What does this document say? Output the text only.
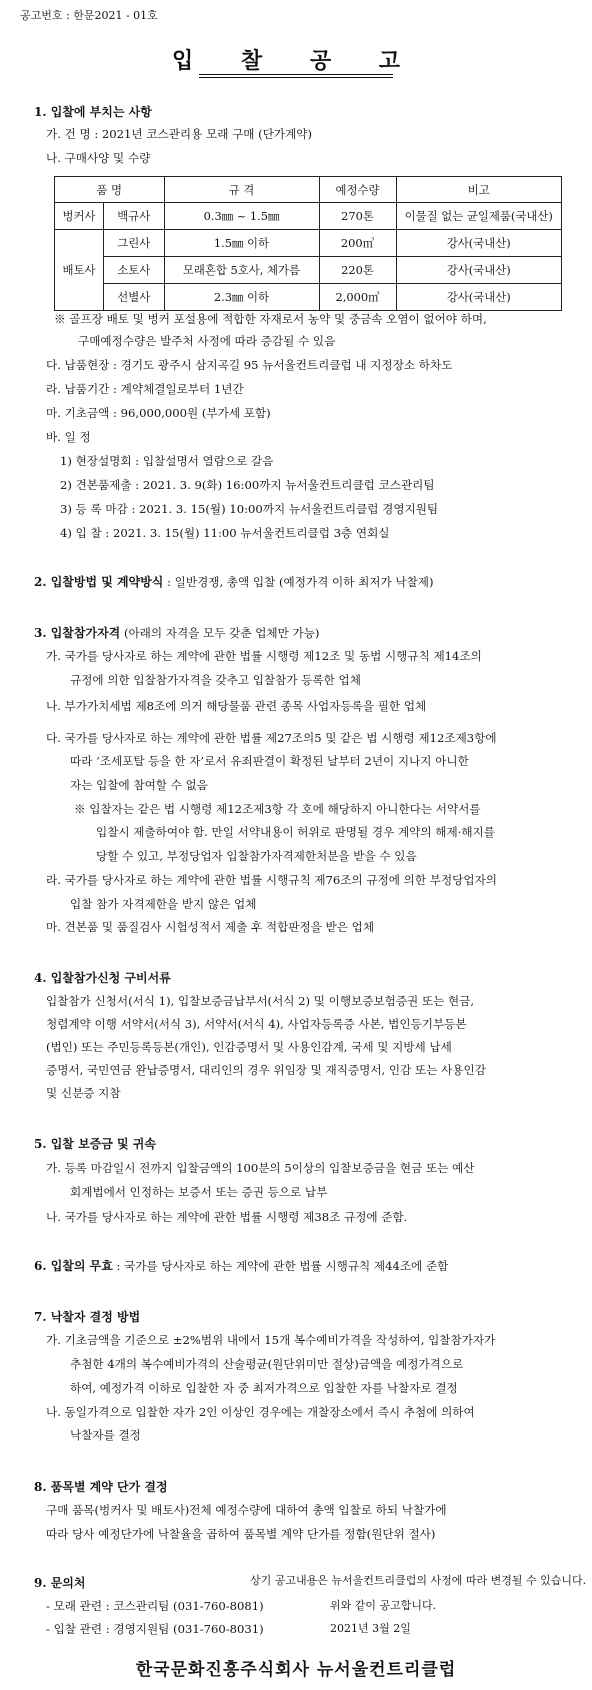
공고번호 : 한문2021 - 01호
입 찰 공 고
1. 입찰에 부치는 사항
가. 건 명 : 2021년 코스관리용 모래 구매 (단가계약)
나. 구매사양 및 수량
품 명		규 격	예정수량	비고
벙커사	백규사	0.3㎜ ~ 1.5㎜	270톤	이물질 없는 균일제품(국내산)
배토사	그린사	1.5㎜ 이하	200㎥	강사(국내산)
	소토사	모래혼합 5호사, 체가름	220톤	강사(국내산)
	선별사	2.3㎜ 이하	2,000㎥	강사(국내산)
※ 골프장 배토 및 벙커 포설용에 적합한 자재로서 농약 및 중금속 오염이 없어야 하며,
구매예정수량은 발주처 사정에 따라 증감될 수 있음
다. 납품현장 : 경기도 광주시 삼지곡길 95 뉴서울컨트리클럽 내 지정장소 하차도
라. 납품기간 : 계약체결일로부터 1년간
마. 기초금액 : 96,000,000원 (부가세 포함)
바. 일 정
1) 현장설명회 : 입찰설명서 열람으로 갈음
2) 견본품제출 : 2021. 3. 9(화) 16:00까지 뉴서울컨트리클럽 코스관리팀
3) 등 록 마감 : 2021. 3. 15(월) 10:00까지 뉴서울컨트리클럽 경영지원팀
4) 입 찰 : 2021. 3. 15(월) 11:00 뉴서울컨트리클럽 3층 연회실
2. 입찰방법 및 계약방식 : 일반경쟁, 총액 입찰 (예정가격 이하 최저가 낙찰제)
3. 입찰참가자격 (아래의 자격을 모두 갖춘 업체만 가능)
가. 국가를 당사자로 하는 계약에 관한 법률 시행령 제12조 및 동법 시행규칙 제14조의
규정에 의한 입찰참가자격을 갖추고 입찰참가 등록한 업체
나. 부가가치세법 제8조에 의거 해당물품 관련 종목 사업자등록을 필한 업체
다. 국가를 당사자로 하는 계약에 관한 법률 제27조의5 및 같은 법 시행령 제12조제3항에
따라 ‘조세포탈 등을 한 자’로서 유죄판결이 확정된 날부터 2년이 지나지 아니한
자는 입찰에 참여할 수 없음
※ 입찰자는 같은 법 시행령 제12조제3항 각 호에 해당하지 아니한다는 서약서를
입찰시 제출하여야 함. 만일 서약내용이 허위로 판명될 경우 계약의 해제·해지를
당할 수 있고, 부정당업자 입찰참가자격제한처분을 받을 수 있음
라. 국가를 당사자로 하는 계약에 관한 법률 시행규칙 제76조의 규정에 의한 부정당업자의
입찰 참가 자격제한을 받지 않은 업체
마. 견본품 및 품질검사 시험성적서 제출 후 적합판정을 받은 업체
4. 입찰참가신청 구비서류
입찰참가 신청서(서식 1), 입찰보증금납부서(서식 2) 및 이행보증보험증권 또는 현금,
청렴계약 이행 서약서(서식 3), 서약서(서식 4), 사업자등록증 사본, 법인등기부등본
(법인) 또는 주민등록등본(개인), 인감증명서 및 사용인감계, 국세 및 지방세 납세
증명서, 국민연금 완납증명서, 대리인의 경우 위임장 및 재직증명서, 인감 또는 사용인감
및 신분증 지참
5. 입찰 보증금 및 귀속
가. 등록 마감일시 전까지 입찰금액의 100분의 5이상의 입찰보증금을 현금 또는 예산
회계법에서 인정하는 보증서 또는 증권 등으로 납부
나. 국가를 당사자로 하는 계약에 관한 법률 시행령 제38조 규정에 준함.
6. 입찰의 무효 : 국가를 당사자로 하는 계약에 관한 법률 시행규칙 제44조에 준함
7. 낙찰자 결정 방법
가. 기초금액을 기준으로 ±2%범위 내에서 15개 복수예비가격을 작성하여, 입찰참가자가
추첨한 4개의 복수예비가격의 산술평균(원단위미만 절상)금액을 예정가격으로
하여, 예정가격 이하로 입찰한 자 중 최저가격으로 입찰한 자를 낙찰자로 결정
나. 동일가격으로 입찰한 자가 2인 이상인 경우에는 개찰장소에서 즉시 추첨에 의하여
낙찰자를 결정
8. 품목별 계약 단가 결정
구매 품목(벙커사 및 배토사)전체 예정수량에 대하여 총액 입찰로 하되 낙찰가에
따라 당사 예정단가에 낙찰율을 곱하여 품목별 계약 단가를 정함(원단위 절사)
9. 문의처
- 모래 관련 : 코스관리팀 (031-760-8081)
- 입찰 관련 : 경영지원팀 (031-760-8031)
상기 공고내용은 뉴서울컨트리클럽의 사정에 따라 변경될 수 있습니다.
한국문화진흥주식회사 뉴서울컨트리클럽
위와 같이 공고합니다.
2021년 3월 2일
